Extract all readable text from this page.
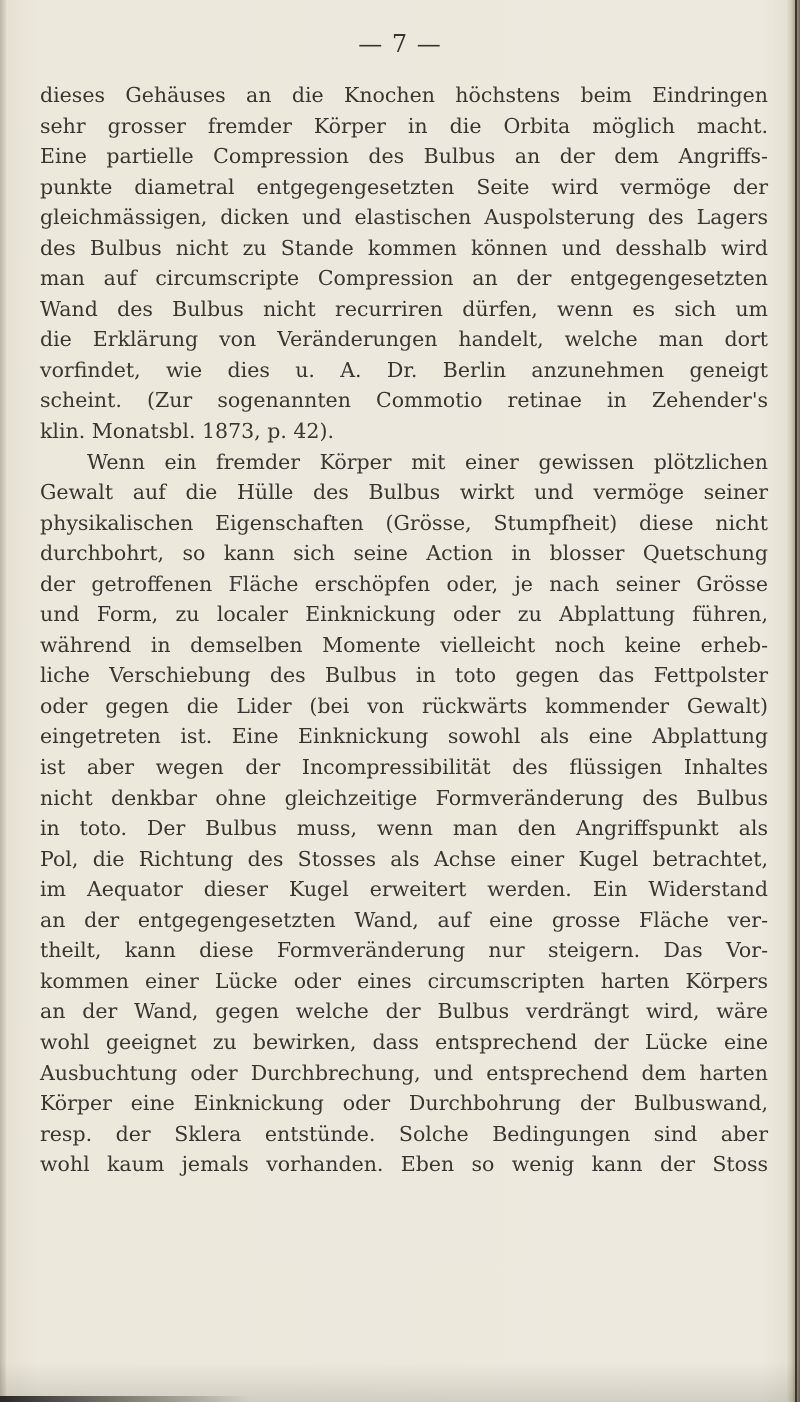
— 7 —
dieses Gehäuses an die Knochen höchstens beim Eindringen
sehr grosser fremder Körper in die Orbita möglich macht.
Eine partielle Compression des Bulbus an der dem Angriffs-
punkte diametral entgegengesetzten Seite wird vermöge der
gleichmässigen, dicken und elastischen Auspolsterung des Lagers
des Bulbus nicht zu Stande kommen können und desshalb wird
man auf circumscripte Compression an der entgegengesetzten
Wand des Bulbus nicht recurriren dürfen, wenn es sich um
die Erklärung von Veränderungen handelt, welche man dort
vorfindet, wie dies u. A. Dr. Berlin anzunehmen geneigt
scheint. (Zur sogenannten Commotio retinae in Zehender's
klin. Monatsbl. 1873, p. 42).
Wenn ein fremder Körper mit einer gewissen plötzlichen
Gewalt auf die Hülle des Bulbus wirkt und vermöge seiner
physikalischen Eigenschaften (Grösse, Stumpfheit) diese nicht
durchbohrt, so kann sich seine Action in blosser Quetschung
der getroffenen Fläche erschöpfen oder, je nach seiner Grösse
und Form, zu localer Einknickung oder zu Abplattung führen,
während in demselben Momente vielleicht noch keine erheb-
liche Verschiebung des Bulbus in toto gegen das Fettpolster
oder gegen die Lider (bei von rückwärts kommender Gewalt)
eingetreten ist. Eine Einknickung sowohl als eine Abplattung
ist aber wegen der Incompressibilität des flüssigen Inhaltes
nicht denkbar ohne gleichzeitige Formveränderung des Bulbus
in toto. Der Bulbus muss, wenn man den Angriffspunkt als
Pol, die Richtung des Stosses als Achse einer Kugel betrachtet,
im Aequator dieser Kugel erweitert werden. Ein Widerstand
an der entgegengesetzten Wand, auf eine grosse Fläche ver-
theilt, kann diese Formveränderung nur steigern. Das Vor-
kommen einer Lücke oder eines circumscripten harten Körpers
an der Wand, gegen welche der Bulbus verdrängt wird, wäre
wohl geeignet zu bewirken, dass entsprechend der Lücke eine
Ausbuchtung oder Durchbrechung, und entsprechend dem harten
Körper eine Einknickung oder Durchbohrung der Bulbuswand,
resp. der Sklera entstünde. Solche Bedingungen sind aber
wohl kaum jemals vorhanden. Eben so wenig kann der Stoss
